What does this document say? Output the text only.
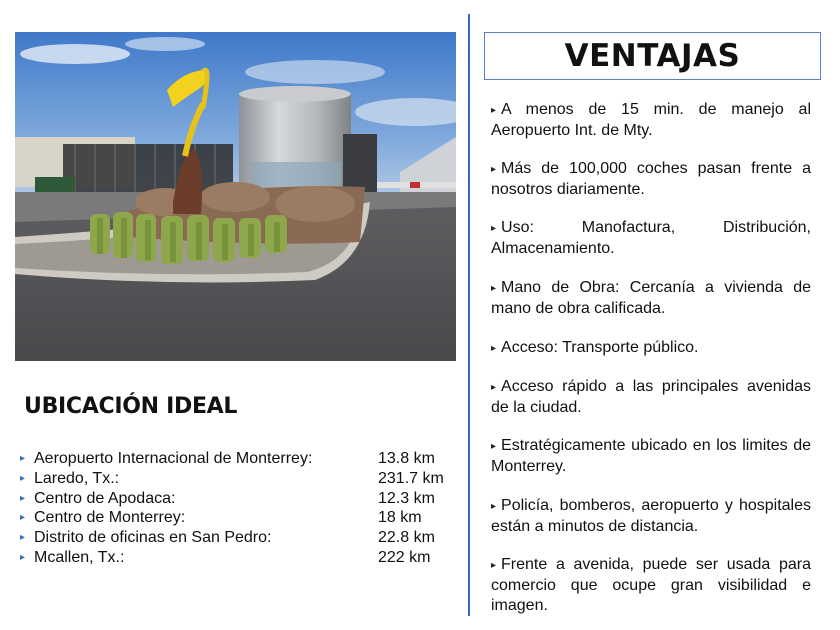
UBICACIÓN IDEAL
▸ Aeropuerto Internacional de Monterrey:	13.8 km
▸ Laredo, Tx.:	231.7 km
▸ Centro de Apodaca:	12.3 km
▸ Centro de Monterrey:	18 km
▸ Distrito de oficinas en San Pedro:	22.8 km
▸ Mcallen, Tx.:	222 km
VENTAJAS

▸ A menos de 15 min. de manejo al Aeropuerto Int. de Mty.

▸ Más de 100,000 coches pasan frente a nosotros diariamente.

▸ Uso: Manofactura, Distribución, Almacenamiento.

▸ Mano de Obra: Cercanía a vivienda de mano de obra calificada.

▸ Acceso: Transporte público.

▸ Acceso rápido a las principales avenidas de la ciudad.

▸ Estratégicamente ubicado en los limites de Monterrey.

▸ Policía, bomberos, aeropuerto y hospitales están a minutos de distancia.

▸ Frente a avenida, puede ser usada para comercio que ocupe gran visibilidad e imagen.
